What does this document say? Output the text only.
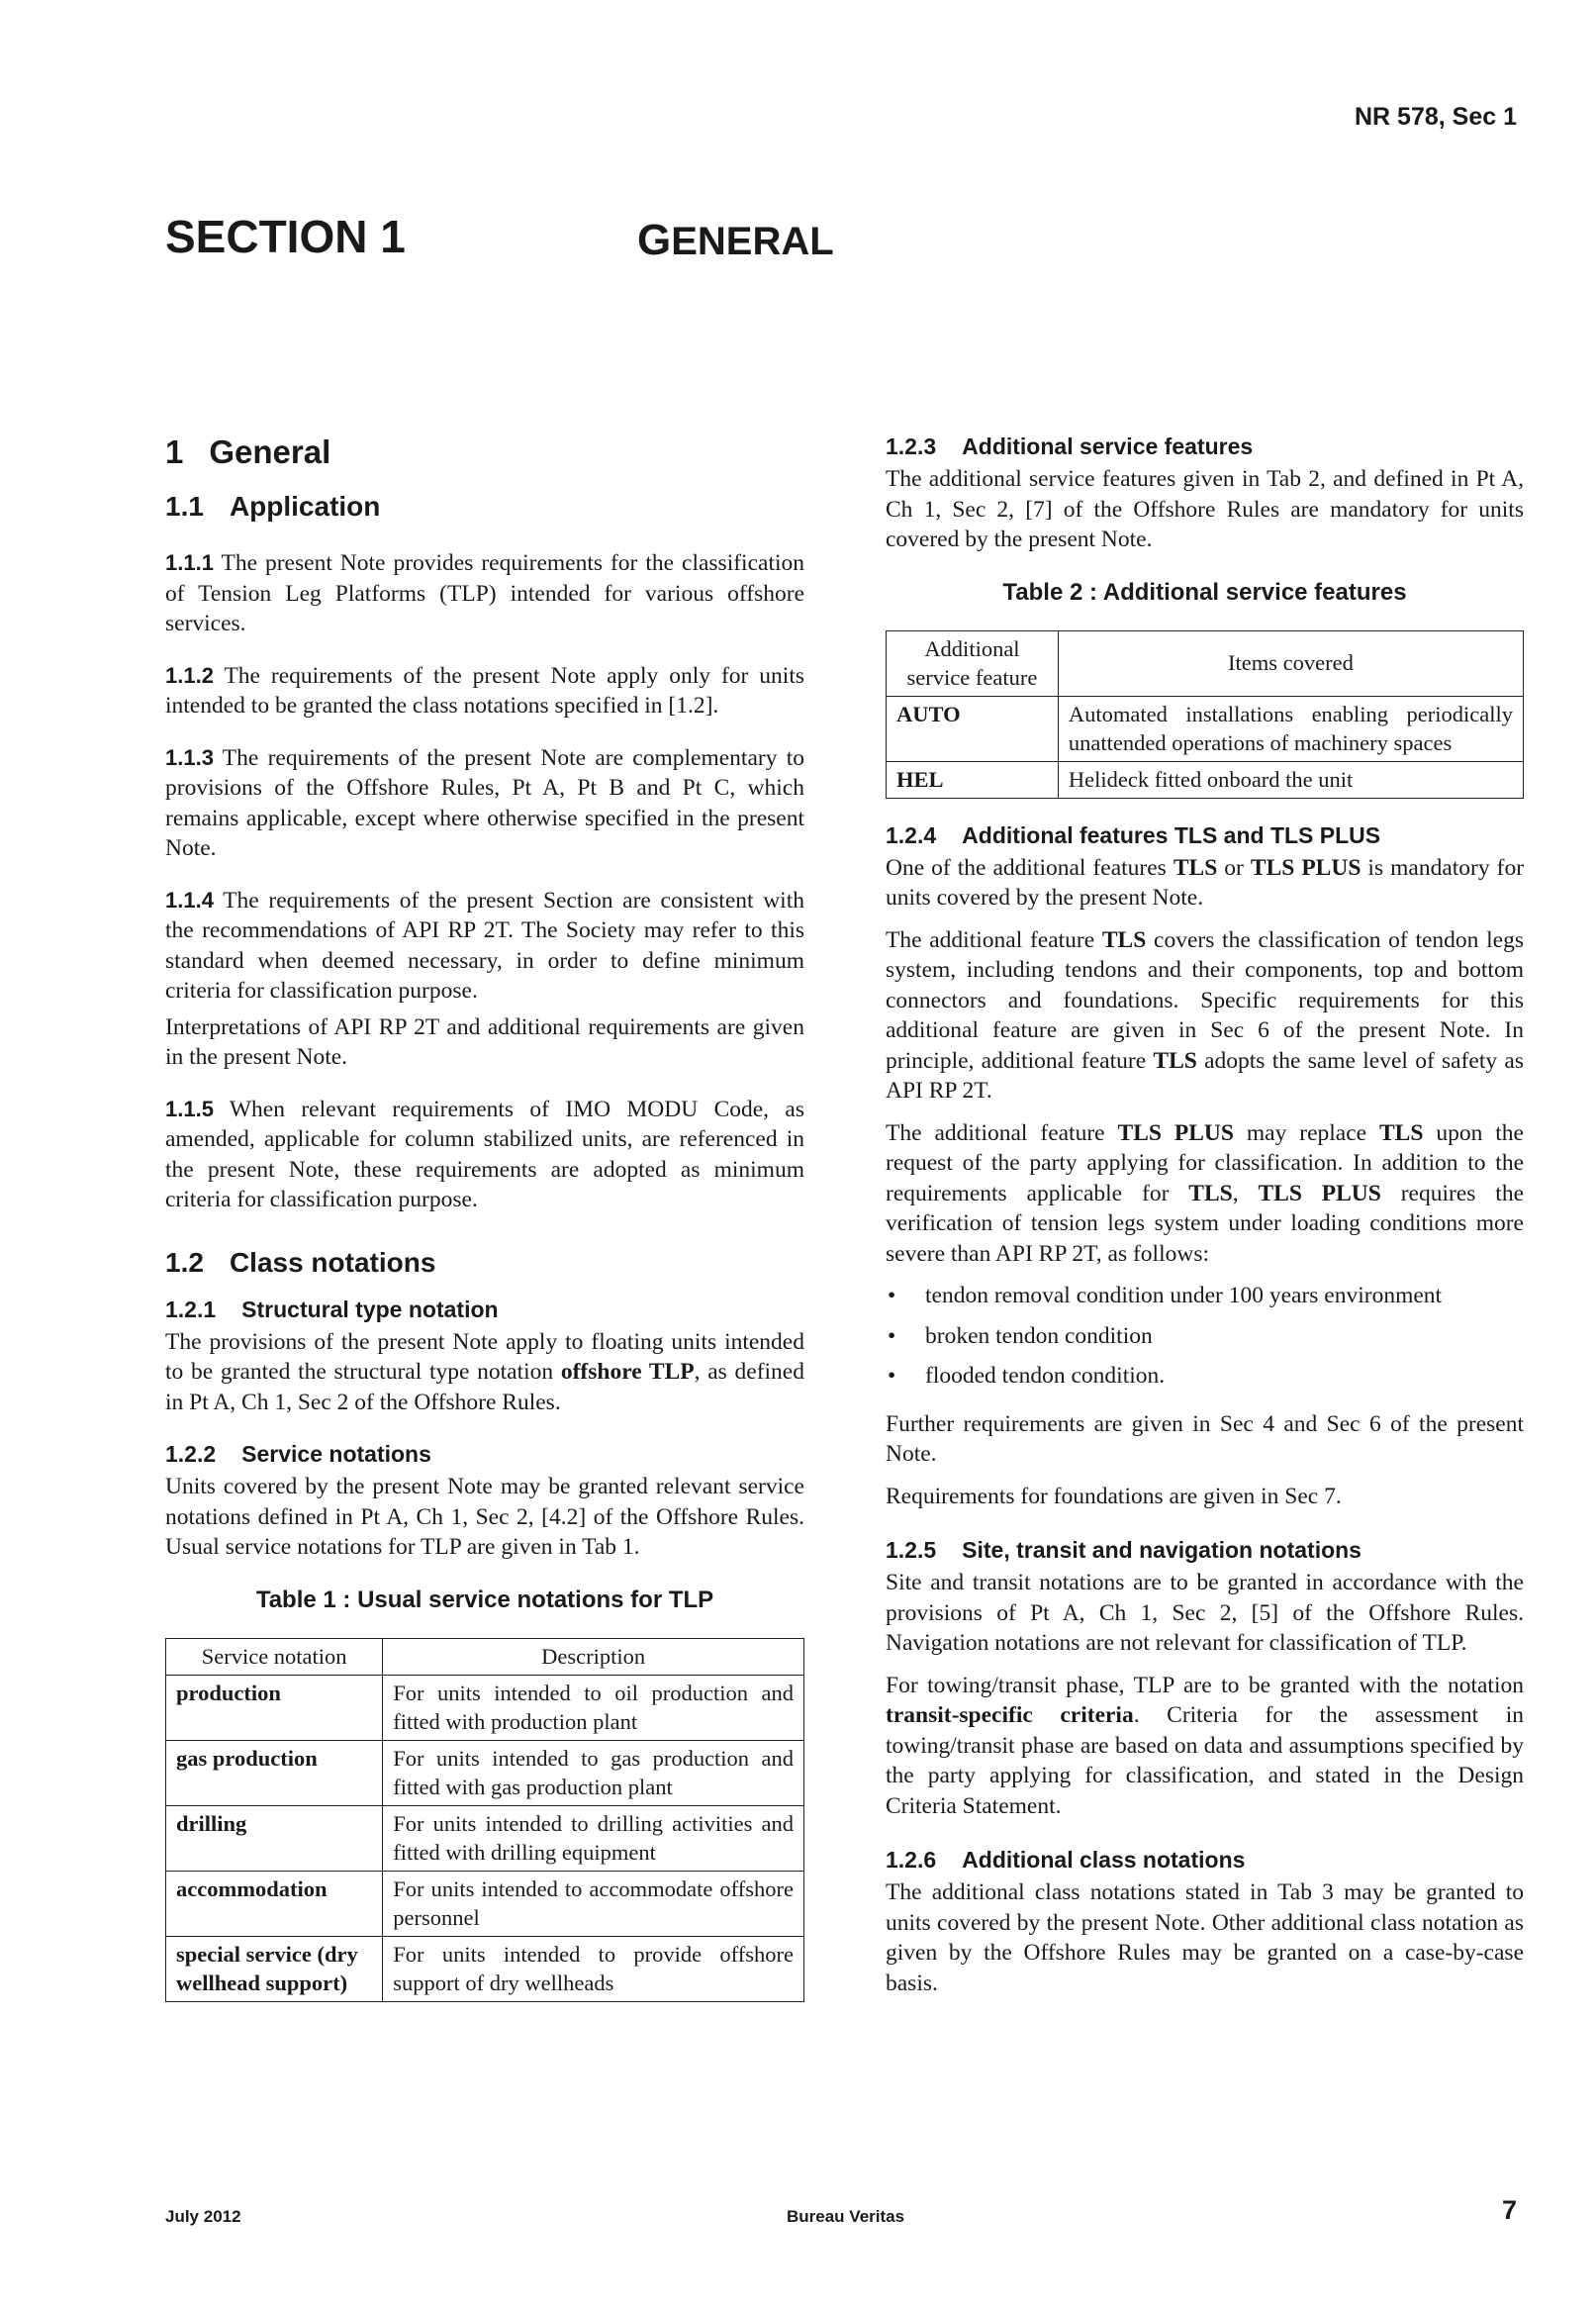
NR 578, Sec 1
SECTION 1	GENERAL

1 General

1.1 Application

1.1.1 The present Note provides requirements for the classification of Tension Leg Platforms (TLP) intended for various offshore services.

1.1.2 The requirements of the present Note apply only for units intended to be granted the class notations specified in [1.2].

1.1.3 The requirements of the present Note are complementary to provisions of the Offshore Rules, Pt A, Pt B and Pt C, which remains applicable, except where otherwise specified in the present Note.

1.1.4 The requirements of the present Section are consistent with the recommendations of API RP 2T. The Society may refer to this standard when deemed necessary, in order to define minimum criteria for classification purpose.

Interpretations of API RP 2T and additional requirements are given in the present Note.

1.1.5 When relevant requirements of IMO MODU Code, as amended, applicable for column stabilized units, are referenced in the present Note, these requirements are adopted as minimum criteria for classification purpose.

1.2 Class notations

1.2.1 Structural type notation

The provisions of the present Note apply to floating units intended to be granted the structural type notation offshore TLP, as defined in Pt A, Ch 1, Sec 2 of the Offshore Rules.

1.2.2 Service notations

Units covered by the present Note may be granted relevant service notations defined in Pt A, Ch 1, Sec 2, [4.2] of the Offshore Rules. Usual service notations for TLP are given in Tab 1.

Table 1 : Usual service notations for TLP

Service notation	Description
production	For units intended to oil production and fitted with production plant
gas production	For units intended to gas production and fitted with gas production plant
drilling	For units intended to drilling activities and fitted with drilling equipment
accommodation	For units intended to accommodate offshore personnel
special service (dry wellhead support)	For units intended to provide offshore support of dry wellheads

1.2.3 Additional service features

The additional service features given in Tab 2, and defined in Pt A, Ch 1, Sec 2, [7] of the Offshore Rules are mandatory for units covered by the present Note.

Table 2 : Additional service features

Additional service feature	Items covered
AUTO	Automated installations enabling periodically unattended operations of machinery spaces
HEL	Helideck fitted onboard the unit

1.2.4 Additional features TLS and TLS PLUS

One of the additional features TLS or TLS PLUS is mandatory for units covered by the present Note.

The additional feature TLS covers the classification of tendon legs system, including tendons and their components, top and bottom connectors and foundations. Specific requirements for this additional feature are given in Sec 6 of the present Note. In principle, additional feature TLS adopts the same level of safety as API RP 2T.

The additional feature TLS PLUS may replace TLS upon the request of the party applying for classification. In addition to the requirements applicable for TLS, TLS PLUS requires the verification of tension legs system under loading conditions more severe than API RP 2T, as follows:

• tendon removal condition under 100 years environment
• broken tendon condition
• flooded tendon condition.

Further requirements are given in Sec 4 and Sec 6 of the present Note.

Requirements for foundations are given in Sec 7.

1.2.5 Site, transit and navigation notations

Site and transit notations are to be granted in accordance with the provisions of Pt A, Ch 1, Sec 2, [5] of the Offshore Rules. Navigation notations are not relevant for classification of TLP.

For towing/transit phase, TLP are to be granted with the notation transit-specific criteria. Criteria for the assessment in towing/transit phase are based on data and assumptions specified by the party applying for classification, and stated in the Design Criteria Statement.

1.2.6 Additional class notations

The additional class notations stated in Tab 3 may be granted to units covered by the present Note. Other additional class notation as given by the Offshore Rules may be granted on a case-by-case basis.

July 2012	Bureau Veritas	7
